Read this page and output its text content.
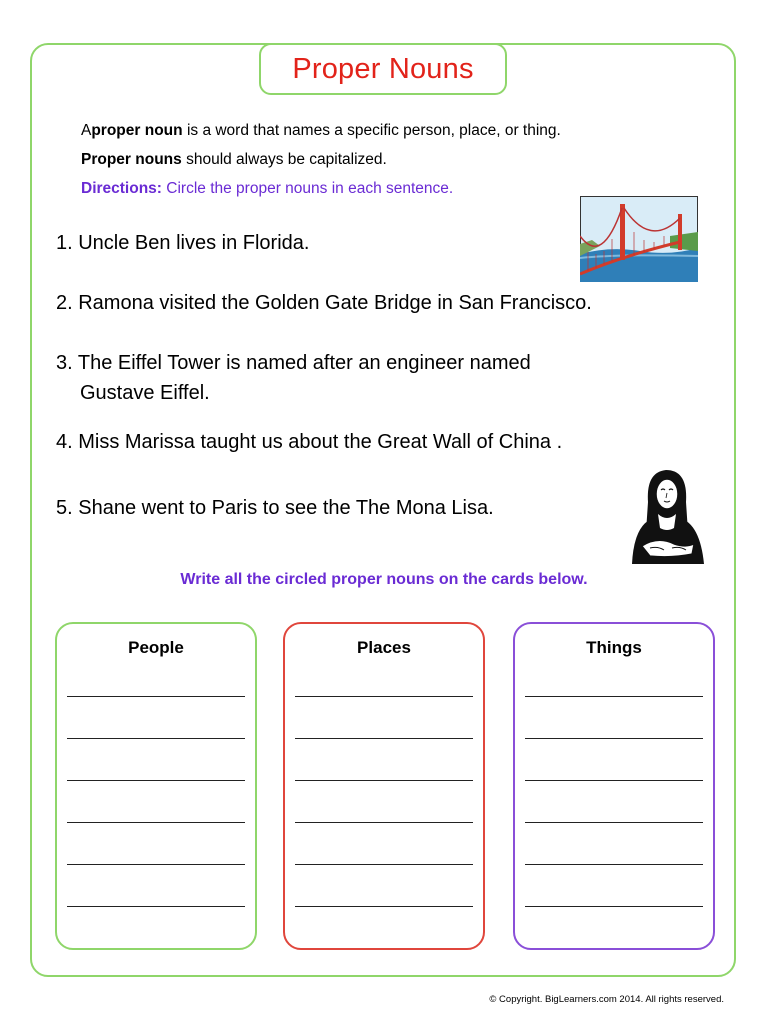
Proper Nouns
Aproper noun is a word that names a specific person, place, or thing.
Proper nouns should always be capitalized.
Directions: Circle the proper nouns in each sentence.
1. Uncle Ben lives in Florida.
2. Ramona visited the Golden Gate Bridge in San Francisco.
3. The Eiffel Tower is named after an engineer named
Gustave Eiffel.
4. Miss Marissa taught us about the Great Wall of China .
5. Shane went to Paris to see the The Mona Lisa.
Write all the circled proper nouns on the cards below.
People	Places	Things
© Copyright. BigLearners.com 2014. All rights reserved.
